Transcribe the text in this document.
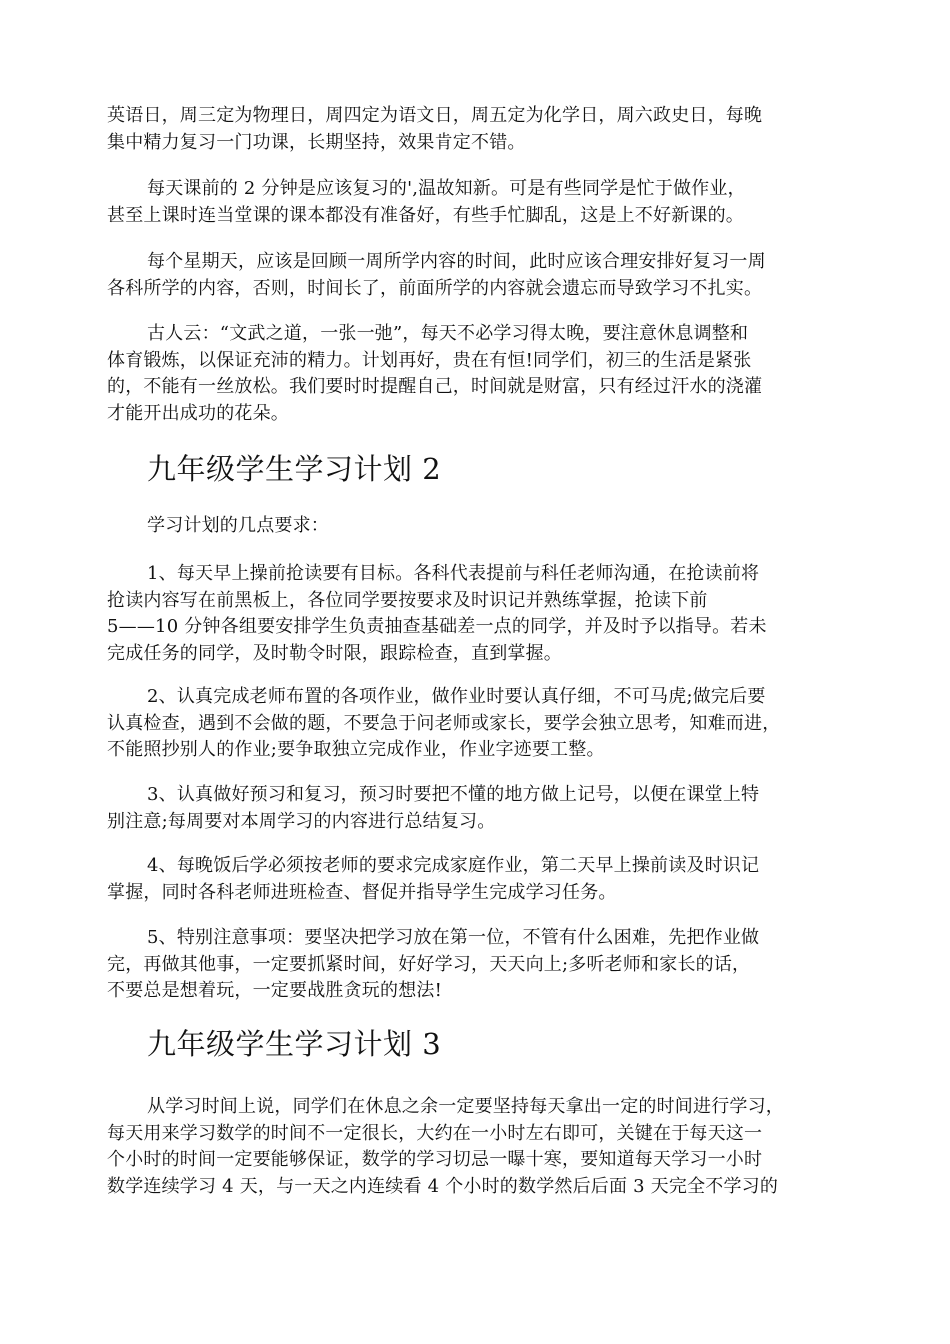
英语日，周三定为物理日，周四定为语文日，周五定为化学日，周六政史日，每晚
集中精力复习一门功课，长期坚持，效果肯定不错。

每天课前的 2 分钟是应该复习的',温故知新。可是有些同学是忙于做作业，
甚至上课时连当堂课的课本都没有准备好，有些手忙脚乱，这是上不好新课的。

每个星期天，应该是回顾一周所学内容的时间，此时应该合理安排好复习一周
各科所学的内容，否则，时间长了，前面所学的内容就会遗忘而导致学习不扎实。

古人云：“文武之道，一张一弛”，每天不必学习得太晚，要注意休息调整和
体育锻炼，以保证充沛的精力。计划再好，贵在有恒!同学们，初三的生活是紧张
的，不能有一丝放松。我们要时时提醒自己，时间就是财富，只有经过汗水的浇灌
才能开出成功的花朵。

九年级学生学习计划 2

学习计划的几点要求：

1、每天早上操前抢读要有目标。各科代表提前与科任老师沟通，在抢读前将
抢读内容写在前黑板上，各位同学要按要求及时识记并熟练掌握，抢读下前
5——10 分钟各组要安排学生负责抽查基础差一点的同学，并及时予以指导。若未
完成任务的同学，及时勒令时限，跟踪检查，直到掌握。

2、认真完成老师布置的各项作业，做作业时要认真仔细，不可马虎;做完后要
认真检查，遇到不会做的题，不要急于问老师或家长，要学会独立思考，知难而进，
不能照抄别人的作业;要争取独立完成作业，作业字迹要工整。

3、认真做好预习和复习，预习时要把不懂的地方做上记号，以便在课堂上特
别注意;每周要对本周学习的内容进行总结复习。

4、每晚饭后学必须按老师的要求完成家庭作业，第二天早上操前读及时识记
掌握，同时各科老师进班检查、督促并指导学生完成学习任务。

5、特别注意事项：要坚决把学习放在第一位，不管有什么困难，先把作业做
完，再做其他事，一定要抓紧时间，好好学习，天天向上;多听老师和家长的话，
不要总是想着玩，一定要战胜贪玩的想法!

九年级学生学习计划 3

从学习时间上说，同学们在休息之余一定要坚持每天拿出一定的时间进行学习，
每天用来学习数学的时间不一定很长，大约在一小时左右即可，关键在于每天这一
个小时的时间一定要能够保证，数学的学习切忌一曝十寒，要知道每天学习一小时
数学连续学习 4 天，与一天之内连续看 4 个小时的数学然后后面 3 天完全不学习的
